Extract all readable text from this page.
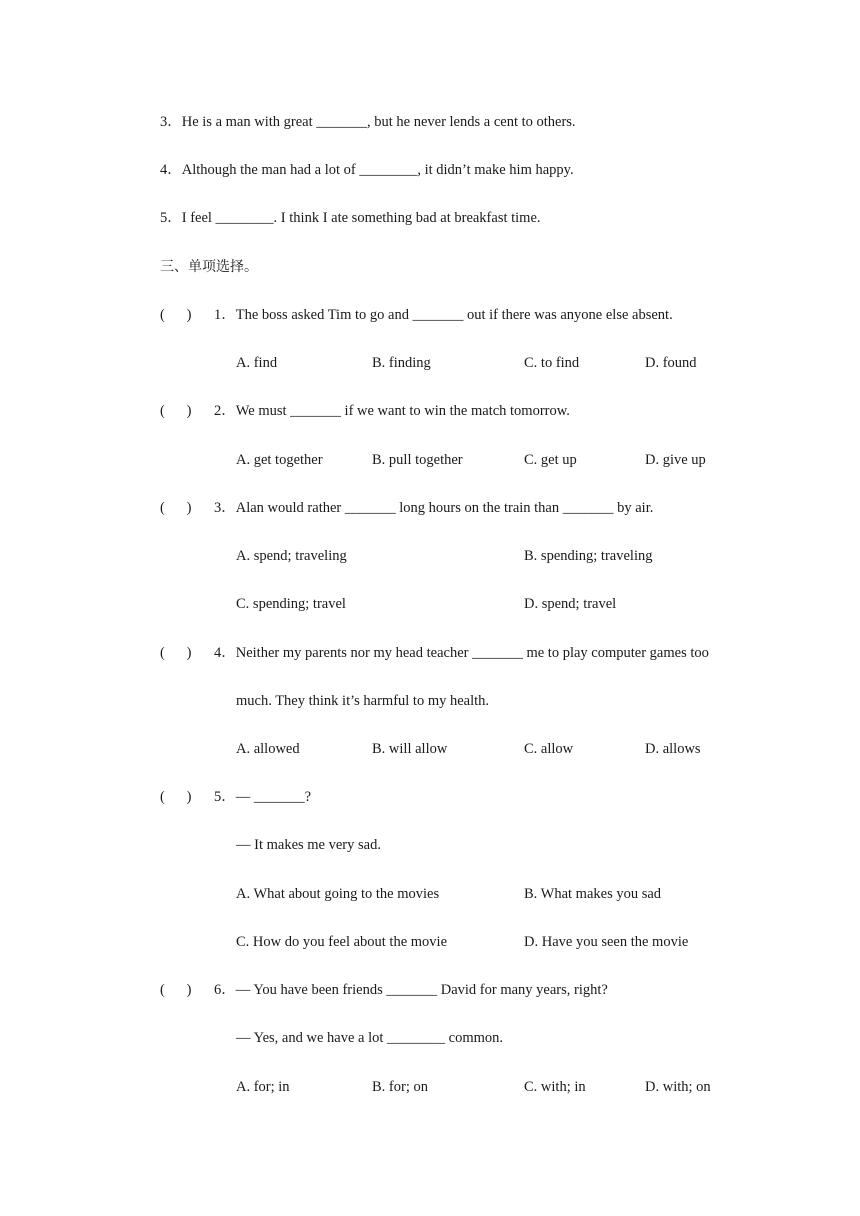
3．He is a man with great _______, but he never lends a cent to others.
4．Although the man had a lot of ________, it didn’t make him happy.
5．I feel ________. I think I ate something bad at breakfast time.
三、单项选择。
(      ) 1．The boss asked Tim to go and _______ out if there was anyone else absent.
A. find	B. finding	C. to find	D. found
(      ) 2．We must _______ if we want to win the match tomorrow.
A. get together	B. pull together	C. get up	D. give up
(      ) 3．Alan would rather _______ long hours on the train than _______ by air.
A. spend; traveling	B. spending; traveling
C. spending; travel	D. spend; travel
(      ) 4．Neither my parents nor my head teacher _______ me to play computer games too
much. They think it’s harmful to my health.
A. allowed	B. will allow	C. allow	D. allows
(      ) 5．— _______?
— It makes me very sad.
A. What about going to the movies	B. What makes you sad
C. How do you feel about the movie	D. Have you seen the movie
(      ) 6．— You have been friends _______ David for many years, right?
— Yes, and we have a lot ________ common.
A. for; in	B. for; on	C. with; in	D. with; on
